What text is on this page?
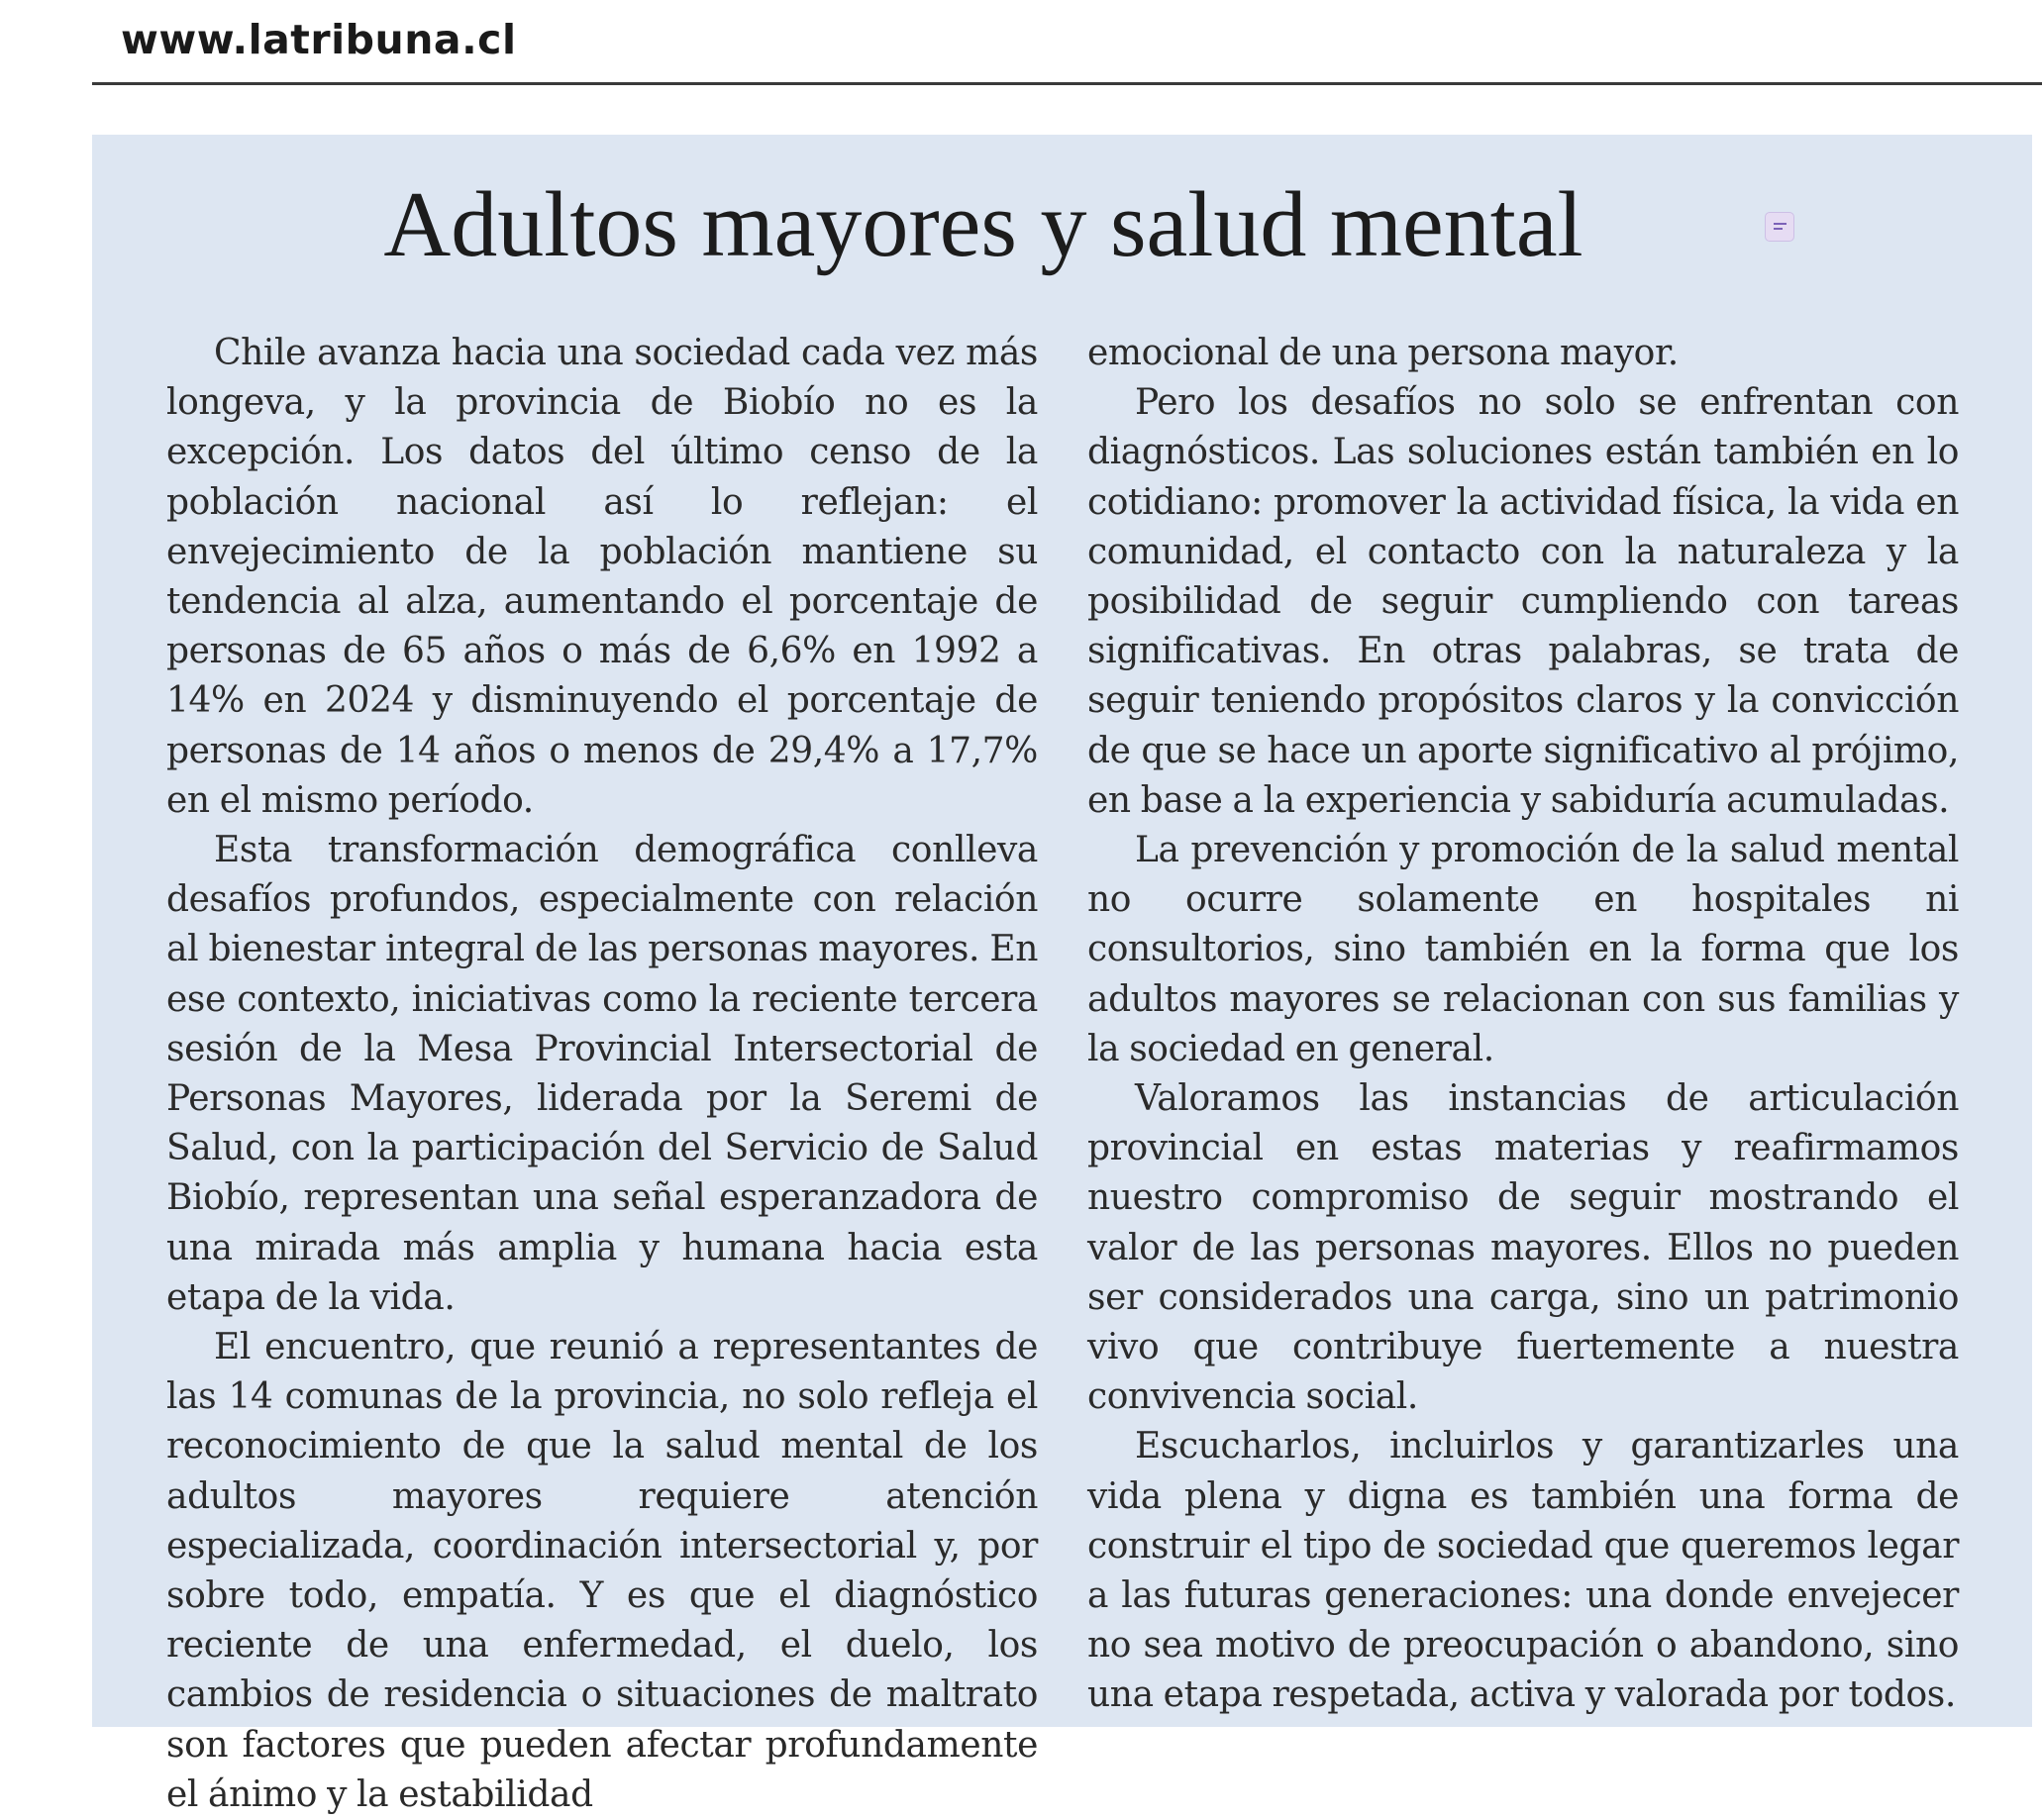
www.latribuna.cl
Adultos mayores y salud mental

Chile avanza hacia una sociedad cada vez más longeva, y la provincia de Biobío no es la excepción. Los datos del último censo de la población nacional así lo reflejan: el envejecimiento de la población mantiene su tendencia al alza, aumentando el porcentaje de personas de 65 años o más de 6,6% en 1992 a 14% en 2024 y disminuyendo el porcentaje de personas de 14 años o menos de 29,4% a 17,7% en el mismo período.

Esta transformación demográfica conlleva desafíos profundos, especialmente con relación al bienestar integral de las personas mayores. En ese contexto, iniciativas como la reciente tercera sesión de la Mesa Provincial Intersectorial de Personas Mayores, liderada por la Seremi de Salud, con la participación del Servicio de Salud Biobío, representan una señal esperanzadora de una mirada más amplia y humana hacia esta etapa de la vida.

El encuentro, que reunió a representantes de las 14 comunas de la provincia, no solo refleja el reconocimiento de que la salud mental de los adultos mayores requiere atención especializada, coordinación intersectorial y, por sobre todo, empatía. Y es que el diagnóstico reciente de una enfermedad, el duelo, los cambios de residencia o situaciones de maltrato son factores que pueden afectar profundamente el ánimo y la estabilidad

emocional de una persona mayor.

Pero los desafíos no solo se enfrentan con diagnósticos. Las soluciones están también en lo cotidiano: promover la actividad física, la vida en comunidad, el contacto con la naturaleza y la posibilidad de seguir cumpliendo con tareas significativas. En otras palabras, se trata de seguir teniendo propósitos claros y la convicción de que se hace un aporte significativo al prójimo, en base a la experiencia y sabiduría acumuladas.

La prevención y promoción de la salud mental no ocurre solamente en hospitales ni consultorios, sino también en la forma que los adultos mayores se relacionan con sus familias y la sociedad en general.

Valoramos las instancias de articulación provincial en estas materias y reafirmamos nuestro compromiso de seguir mostrando el valor de las personas mayores. Ellos no pueden ser considerados una carga, sino un patrimonio vivo que contribuye fuertemente a nuestra convivencia social.

Escucharlos, incluirlos y garantizarles una vida plena y digna es también una forma de construir el tipo de sociedad que queremos legar a las futuras generaciones: una donde envejecer no sea motivo de preocupación o abandono, sino una etapa respetada, activa y valorada por todos.
